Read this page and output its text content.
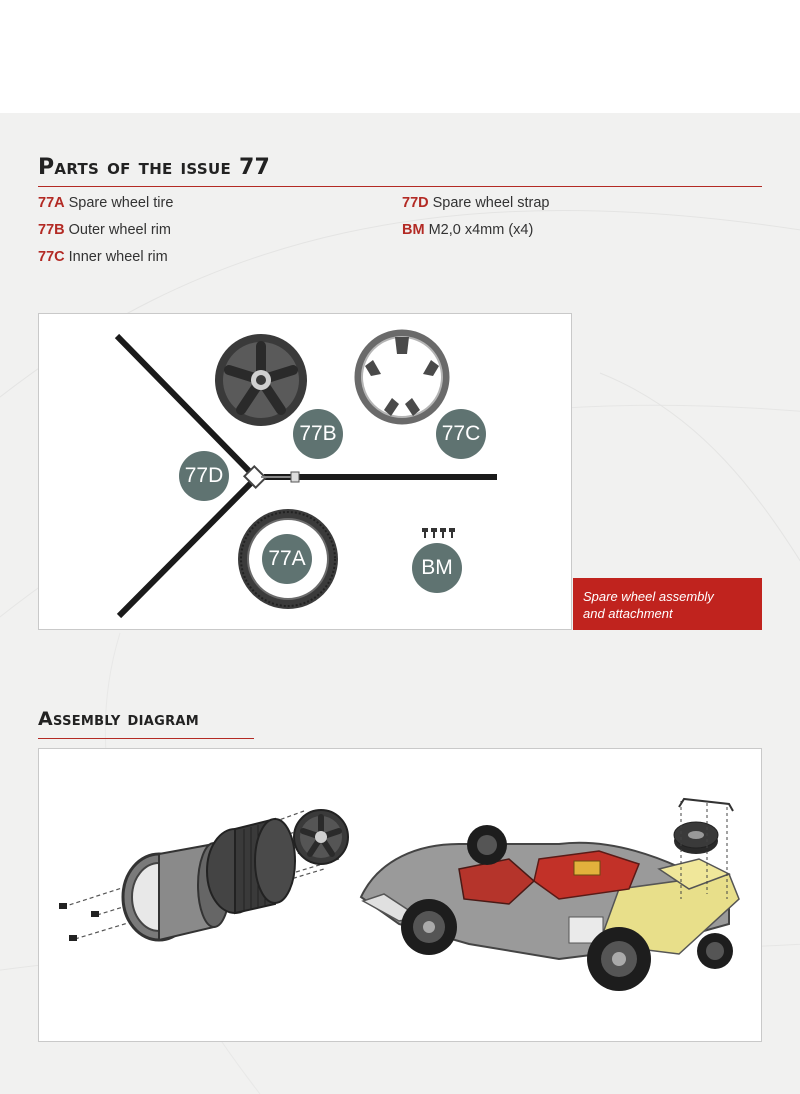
Parts of the issue 77
77A Spare wheel tire
77B Outer wheel rim
77C Inner wheel rim
77D Spare wheel strap
BM M2,0 x4mm (x4)
77B	77C
77D
77A	BM
Spare wheel assembly
and attachment
Assembly diagram
